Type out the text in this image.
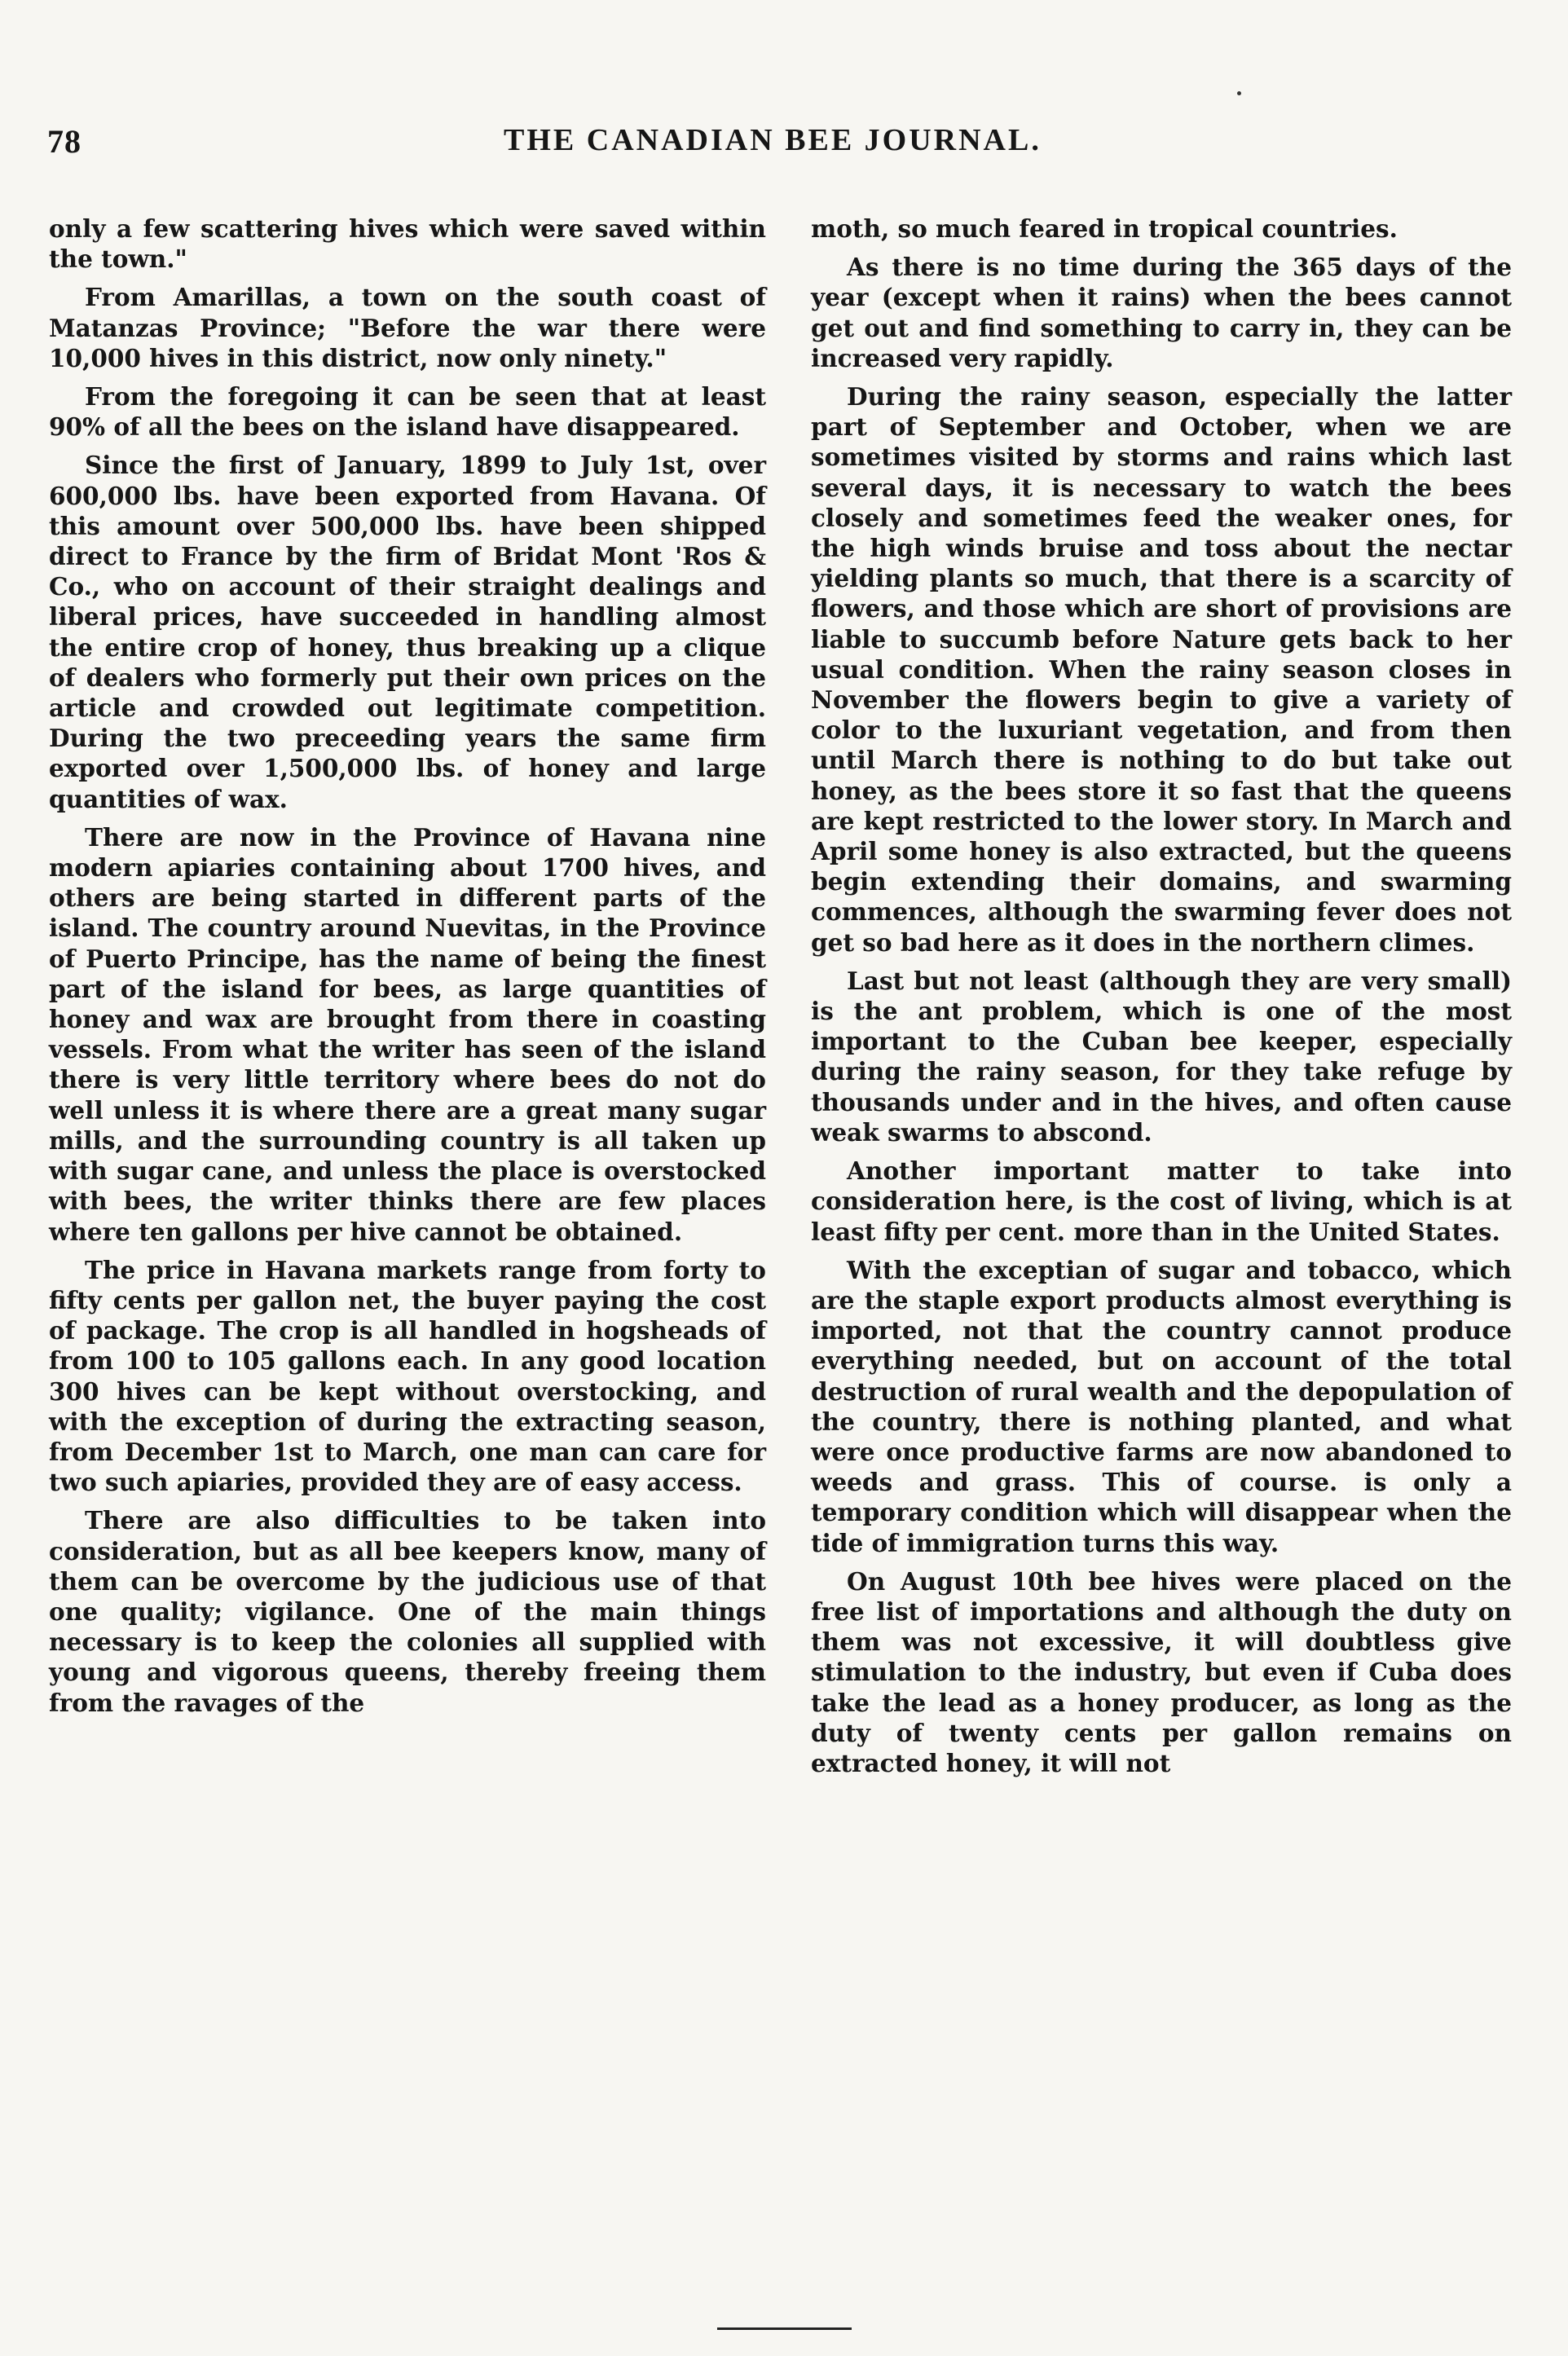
78	THE CANADIAN BEE JOURNAL.

only a few scattering hives which were saved within the town."

From Amarillas, a town on the south coast of Matanzas Province; "Before the war there were 10,000 hives in this district, now only ninety."

From the foregoing it can be seen that at least 90% of all the bees on the island have disappeared.

Since the first of January, 1899 to July 1st, over 600,000 lbs. have been exported from Havana. Of this amount over 500,000 lbs. have been shipped direct to France by the firm of Bridat Mont 'Ros & Co., who on account of their straight dealings and liberal prices, have succeeded in handling almost the entire crop of honey, thus breaking up a clique of dealers who formerly put their own prices on the article and crowded out legitimate competition. During the two preceeding years the same firm exported over 1,500,000 lbs. of honey and large quantities of wax.

There are now in the Province of Havana nine modern apiaries containing about 1700 hives, and others are being started in different parts of the island. The country around Nuevitas, in the Province of Puerto Principe, has the name of being the finest part of the island for bees, as large quantities of honey and wax are brought from there in coasting vessels. From what the writer has seen of the island there is very little territory where bees do not do well unless it is where there are a great many sugar mills, and the surrounding country is all taken up with sugar cane, and unless the place is overstocked with bees, the writer thinks there are few places where ten gallons per hive cannot be obtained.

The price in Havana markets range from forty to fifty cents per gallon net, the buyer paying the cost of package. The crop is all handled in hogsheads of from 100 to 105 gallons each. In any good location 300 hives can be kept without overstocking, and with the exception of during the extracting season, from December 1st to March, one man can care for two such apiaries, provided they are of easy access.

There are also difficulties to be taken into consideration, but as all bee keepers know, many of them can be overcome by the judicious use of that one quality; vigilance. One of the main things necessary is to keep the colonies all supplied with young and vigorous queens, thereby freeing them from the ravages of the

moth, so much feared in tropical countries.

As there is no time during the 365 days of the year (except when it rains) when the bees cannot get out and find something to carry in, they can be increased very rapidly.

During the rainy season, especially the latter part of September and October, when we are sometimes visited by storms and rains which last several days, it is necessary to watch the bees closely and sometimes feed the weaker ones, for the high winds bruise and toss about the nectar yielding plants so much, that there is a scarcity of flowers, and those which are short of provisions are liable to succumb before Nature gets back to her usual condition. When the rainy season closes in November the flowers begin to give a variety of color to the luxuriant vegetation, and from then until March there is nothing to do but take out honey, as the bees store it so fast that the queens are kept restricted to the lower story. In March and April some honey is also extracted, but the queens begin extending their domains, and swarming commences, although the swarming fever does not get so bad here as it does in the northern climes.

Last but not least (although they are very small) is the ant problem, which is one of the most important to the Cuban bee keeper, especially during the rainy season, for they take refuge by thousands under and in the hives, and often cause weak swarms to abscond.

Another important matter to take into consideration here, is the cost of living, which is at least fifty per cent. more than in the United States.

With the exceptian of sugar and tobacco, which are the staple export products almost everything is imported, not that the country cannot produce everything needed, but on account of the total destruction of rural wealth and the depopulation of the country, there is nothing planted, and what were once productive farms are now abandoned to weeds and grass. This of course. is only a temporary condition which will disappear when the tide of immigration turns this way.

On August 10th bee hives were placed on the free list of importations and although the duty on them was not excessive, it will doubtless give stimulation to the industry, but even if Cuba does take the lead as a honey producer, as long as the duty of twenty cents per gallon remains on extracted honey, it will not
